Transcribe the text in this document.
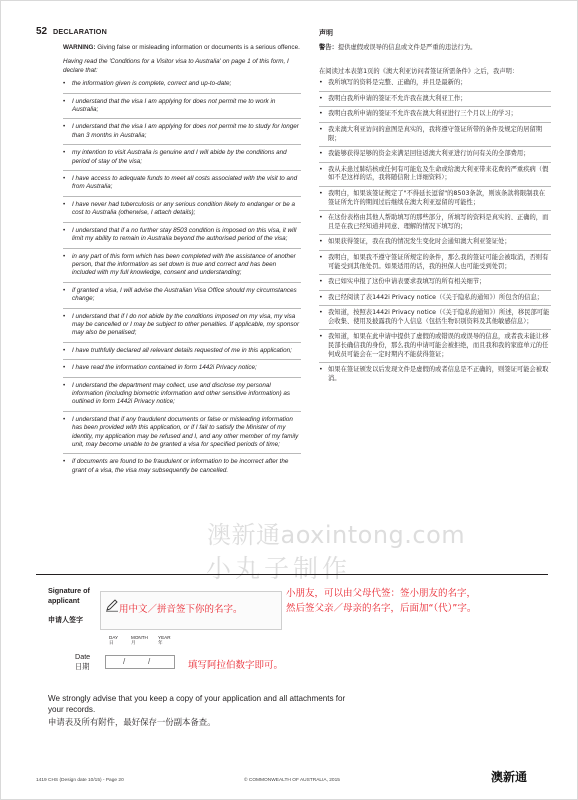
52 DECLARATION	声明

WARNING: Giving false or misleading information or documents is a serious offence.

Having read the 'Conditions for a Visitor visa to Australia' on page 1 of this form, I declare that:

• the information given is complete, correct and up-to-date;
• I understand that the visa I am applying for does not permit me to work in Australia;
• I understand that the visa I am applying for does not permit me to study for longer than 3 months in Australia;
• my intention to visit Australia is genuine and I will abide by the conditions and period of stay of the visa;
• I have access to adequate funds to meet all costs associated with the visit to and from Australia;
• I have never had tuberculosis or any serious condition likely to endanger or be a cost to Australia (otherwise, I attach details);
• I understand that if a no further stay 8503 condition is imposed on this visa, it will limit my ability to remain in Australia beyond the authorised period of the visa;
• in any part of this form which has been completed with the assistance of another person, that the information as set down is true and correct and has been included with my full knowledge, consent and understanding;
• if granted a visa, I will advise the Australian Visa Office should my circumstances change;
• I understand that if I do not abide by the conditions imposed on my visa, my visa may be cancelled or I may be subject to other penalties. If applicable, my sponsor may also be penalised;
• I have truthfully declared all relevant details requested of me in this application;
• I have read the information contained in form 1442i Privacy notice;
• I understand the department may collect, use and disclose my personal information (including biometric information and other sensitive information) as outlined in form 1442i Privacy notice;
• I understand that if any fraudulent documents or false or misleading information has been provided with this application, or if I fail to satisfy the Minister of my identity, my application may be refused and I, and any other member of my family unit, may become unable to be granted a visa for specified periods of time;
• if documents are found to be fraudulent or information to be incorrect after the grant of a visa, the visa may subsequently be cancelled.

警告：提供虚假或误导的信息或文件是严重的违法行为。

在阅读过本表第1页的《澳大利亚访问者签证所需条件》之后，我声明：

• 我所填写的资料是完整、正确的，并且是最新的；
• 我明白我所申请的签证不允许我在澳大利亚工作；
• 我明白我所申请的签证不允许我在澳大利亚进行三个月以上的学习；
• 我来澳大利亚访问的意图是真实的，我将遵守签证所带的条件及规定的居留期限；
• 我能够获得足够的资金来满足回往返澳大利亚进行访问有关的全部费用；
• 我从未患过肺结核或任何有可能危及生命或给澳大利亚带来花费的严重疾病（假如不是这样的话，我将随信附上详细资料）；
• 我明白，如果该签证规定了"不得延长逗留"的8503条款，则该条款将限制我在签证所允许的期间过后继续在澳大利亚逗留的可能性；
• 在这份表格由其他人帮助填写的那些部分，所填写的资料是真实的、正确的，而且是在我已经知道并同意、理解的情况下填写的；
• 如果获得签证，我在我的情况发生变化时会通知澳大利亚签证处；
• 我明白，如果我不遵守签证所规定的条件，那么我的签证可能会被取消，否则有可能受到其他处罚。如果适用的话，我的担保人也可能受到处罚；
• 我已如实申报了这份申请表要求我填写的所有相关细节；
• 我已经阅读了表1442i Privacy notice（《关于隐私的通知》）所包含的信息；
• 我知道，按照表1442i Privacy notice（《关于隐私的通知》）所述，移民部可能会收集、使用及披露我的个人信息（包括生物识别资料及其他敏感信息）；
• 我知道，如果在此申请中提供了虚假的或错误的或误导的信息，或者我未能让移民部长确信我的身份，那么我的申请可能会被拒绝，而且我和我的家庭单元的任何成员可能会在一定时期内不能获得签证；
• 如果在签证颁发以后发现文件是虚假的或者信息是不正确的，则签证可能会被取消。
澳新通aoxintong.com
小丸子制作
Signature of applicant
申请人签字
用中文／拼音签下你的名字。
小朋友，可以由父母代签：签小朋友的名字，
然后签父亲／母亲的名字，后面加“（代）”字。
DAY
日
MONTH
月
YEAR
年
Date
日期	/	/	填写阿拉伯数字即可。
We strongly advise that you keep a copy of your application and all attachments for your records.
申请表及所有附件，最好保存一份副本备查。
1419 CHS (Design date 10/15) - Page 20	© COMMONWEALTH OF AUSTRALIA, 2015	澳新通
